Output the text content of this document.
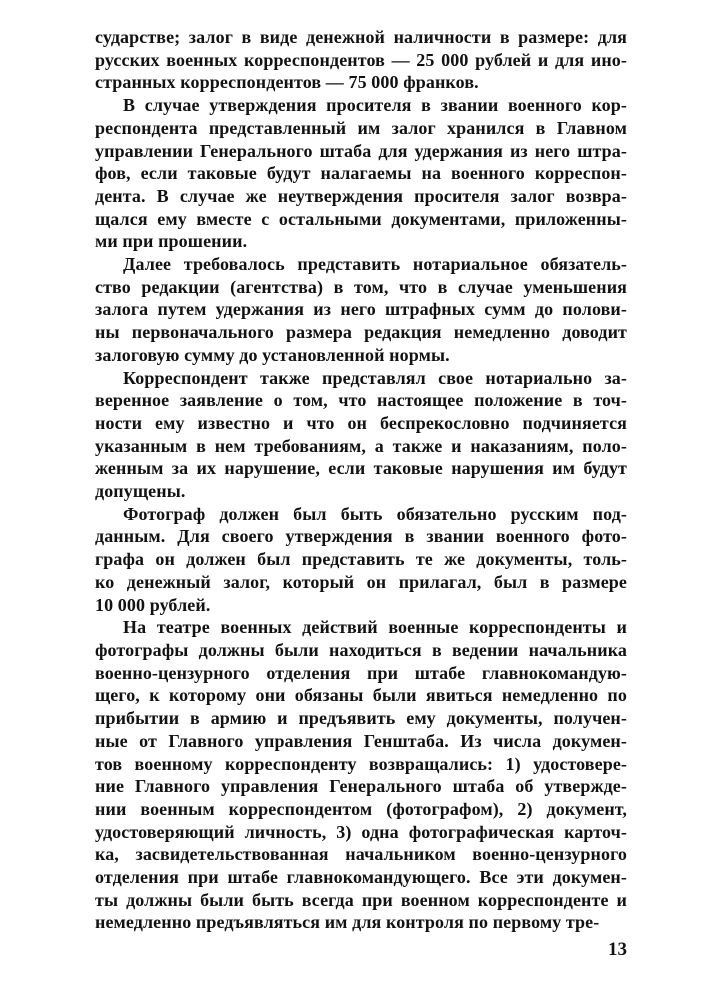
сударстве; залог в виде денежной наличности в размере: для
русских военных корреспондентов — 25 000 рублей и для ино-
странных корреспондентов — 75 000 франков.
В случае утверждения просителя в звании военного кор-
респондента представленный им залог хранился в Главном
управлении Генерального штаба для удержания из него штра-
фов, если таковые будут налагаемы на военного корреспон-
дента. В случае же неутверждения просителя залог возвра-
щался ему вместе с остальными документами, приложенны-
ми при прошении.
Далее требовалось представить нотариальное обязатель-
ство редакции (агентства) в том, что в случае уменьшения
залога путем удержания из него штрафных сумм до полови-
ны первоначального размера редакция немедленно доводит
залоговую сумму до установленной нормы.
Корреспондент также представлял свое нотариально за-
веренное заявление о том, что настоящее положение в точ-
ности ему известно и что он беспрекословно подчиняется
указанным в нем требованиям, а также и наказаниям, поло-
женным за их нарушение, если таковые нарушения им будут
допущены.
Фотограф должен был быть обязательно русским под-
данным. Для своего утверждения в звании военного фото-
графа он должен был представить те же документы, толь-
ко денежный залог, который он прилагал, был в размере
10 000 рублей.
На театре военных действий военные корреспонденты и
фотографы должны были находиться в ведении начальника
военно-цензурного отделения при штабе главнокомандую-
щего, к которому они обязаны были явиться немедленно по
прибытии в армию и предъявить ему документы, получен-
ные от Главного управления Генштаба. Из числа докумен-
тов военному корреспонденту возвращались: 1) удостовере-
ние Главного управления Генерального штаба об утвержде-
нии военным корреспондентом (фотографом), 2) документ,
удостоверяющий личность, 3) одна фотографическая карточ-
ка, засвидетельствованная начальником военно-цензурного
отделения при штабе главнокомандующего. Все эти докумен-
ты должны были быть всегда при военном корреспонденте и
немедленно предъявляться им для контроля по первому тре-
13
